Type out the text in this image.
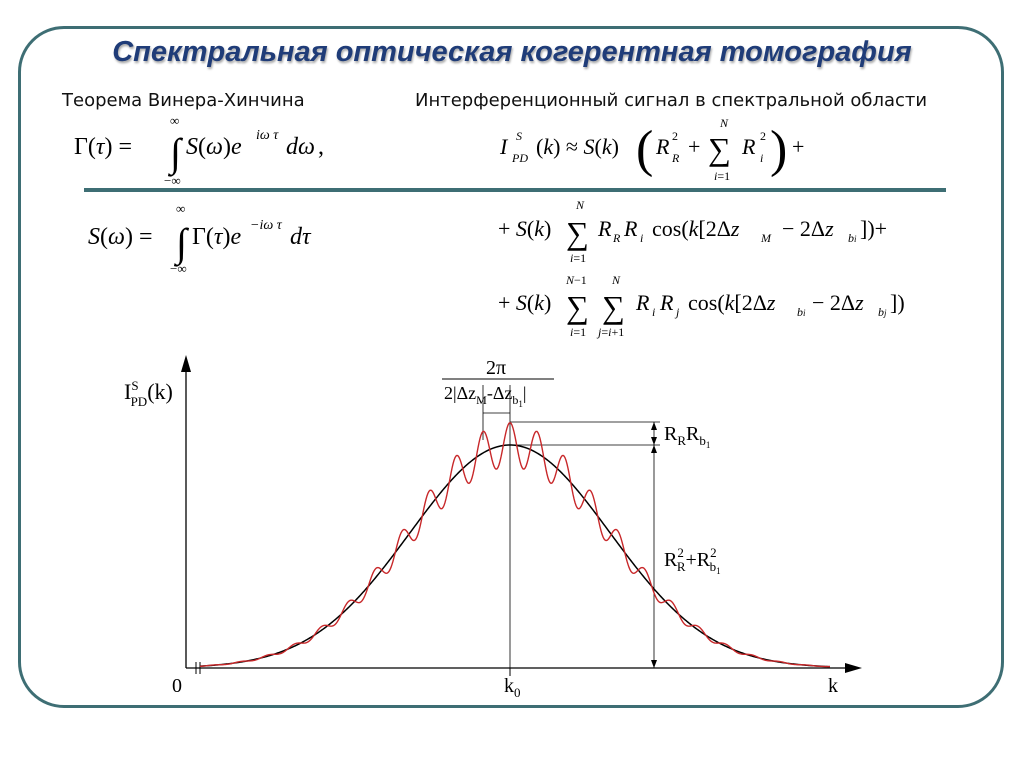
Спектральная оптическая когерентная томография
Теорема Винера-Хинчина	Интерференционный сигнал в спектральной области
Γ(τ) = ∫
∞
−∞
S(ω)e iω τ dω ,
S(ω) = ∫
∞
−∞
Γ(τ)e −iω τ dτ
I S
PD (k) ≈ S(k) ( R 2
R + ∑
N
i=1
R 2
i ) +
+ S(k) ∑
N
i=1
R R R i cos(k[2Δz M − 2Δz bi ])+
+ S(k) ∑
N−1
i=1
∑
N
j=i+1
R i R j cos(k[2Δz bi − 2Δz bj ])
$I^S$ PD(k)
0	$k_0$	k
2π
$2|\Delta z_M-\Delta z_b1|$
$R_RR_b1$
$R^2$ $R+R^2$ b1
